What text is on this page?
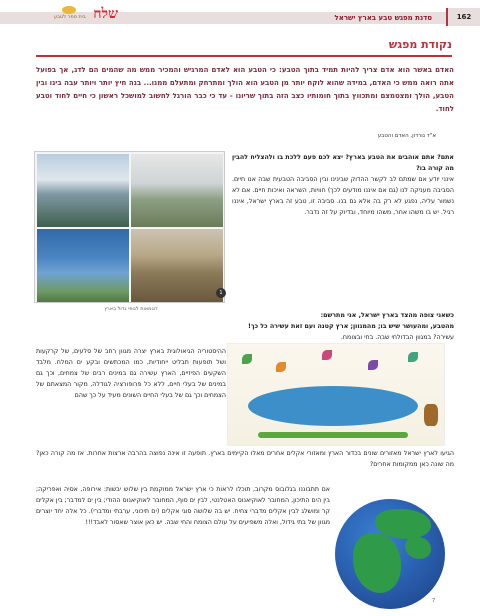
162
סדנת מפגש טבע בארץ ישראל
שלח
בית ספר לטבע
נקודת מפגש
האדם באשר הוא אדם צריך להיות תמיד בתוך הטבע: כי הטבע הוא לאדם המרגיש והמכיר ממש מה שהמים הם לדג, אך בפועל אתה רואה ממש כי האדם, במידה שהוא לוקח יותר מן הטבע הוא הולך ומתרחק ומתעלם ממנו... בנה חיץ יותר ויותר עבה בינו ובין הטבע, הולך ומצטמצם ומתכווץ בתוך חומותיו כצב הזה בתוך שריונו - עד כי כבר הורגל לחשוב למושכל ראשון כי חיים לחוד וטבע לחוד.
א"ד גורדון, האדם והטבע
אתם? אתם אוהבים את הטבע בארץ? יצא לכם פעם ללכת בו ולהצליח להבין מה קורה בו?
אינני יודע אם שמתם לב לקשר ההדוק שבינינו ובין הסביבה הטבעית שבה אנו חיים. הסביבה מעניקה לנו (גם אם איננו מודעים לכך) חוויות, השראה ואיכות חיים. אם לא נשמור עליה, נפגע לא רק בה אלא גם בנו. סביבה זו, טבע זה בארץ ישראל, איננו רגיל. יש בו משהו אחר, משהו מיוחד, ובדיוק על זה נדבר.
1
דוגמאות לנופי גדול בארץ
כשאני צופה מהצד בארץ ישראל, אני מתרשם:
מהטבע, ומהעושר שיש בו; מהמגוון; ארץ קטנה ועם זאת עשירה כל כך!
עשירה? במגוון הבדולחי שבה. בחי ובצומח.
ההיסטוריה הגיאולוגית בארץ יצרה מגוון רחב של סלעים, של קרקעות ושל תופעות תבליט ייחודיות, כמו המכתשים ובקע ים המלח. מלבד השקעים הפיזיים, הארץ עשירה גם במינים רבים של צמחים, וכך גם במינים של בעלי חיים, ללא כל פרופורציה לגודלה, מקור המצאתם של הצמחים וכך גם של בעלי החיים השונים מעיד על כך שהם
הגיעו לארץ ישראל מאזורים שונים בכדור הארץ ומאזורי אקלים אחרים מאלו הקיימים בארץ. תופעה זו אינה נפוצה בהרבה ארצות אחרות. אז מה קורה כאן? מה שונה כאן ממקומות אחרים?
אם תתבוננו בגלובוס מקרוב, תוכלו לראות כי ארץ ישראל ממוקמת בין שלוש יבשות: אירופה, אסיה ואפריקה; בין הים התיכון, המחובר לאוקיאנוס האטלנטי, לבין ים סוף, המחובר לאוקיאנוס ההודי; בין ים למדבר; בין אקלים קר ומושלג לבין אקלים מדברי צחיח. יש בה שלושה סוגי אקלים (ים תיכוני, ערבתי ומדברי). כל אלה יחד יוצרים מגוון של בתי גידול, ואלה משפיעים על עולם הצומח והחי שבה. יש כאן אוצר שאסור לאבד!!!
7
